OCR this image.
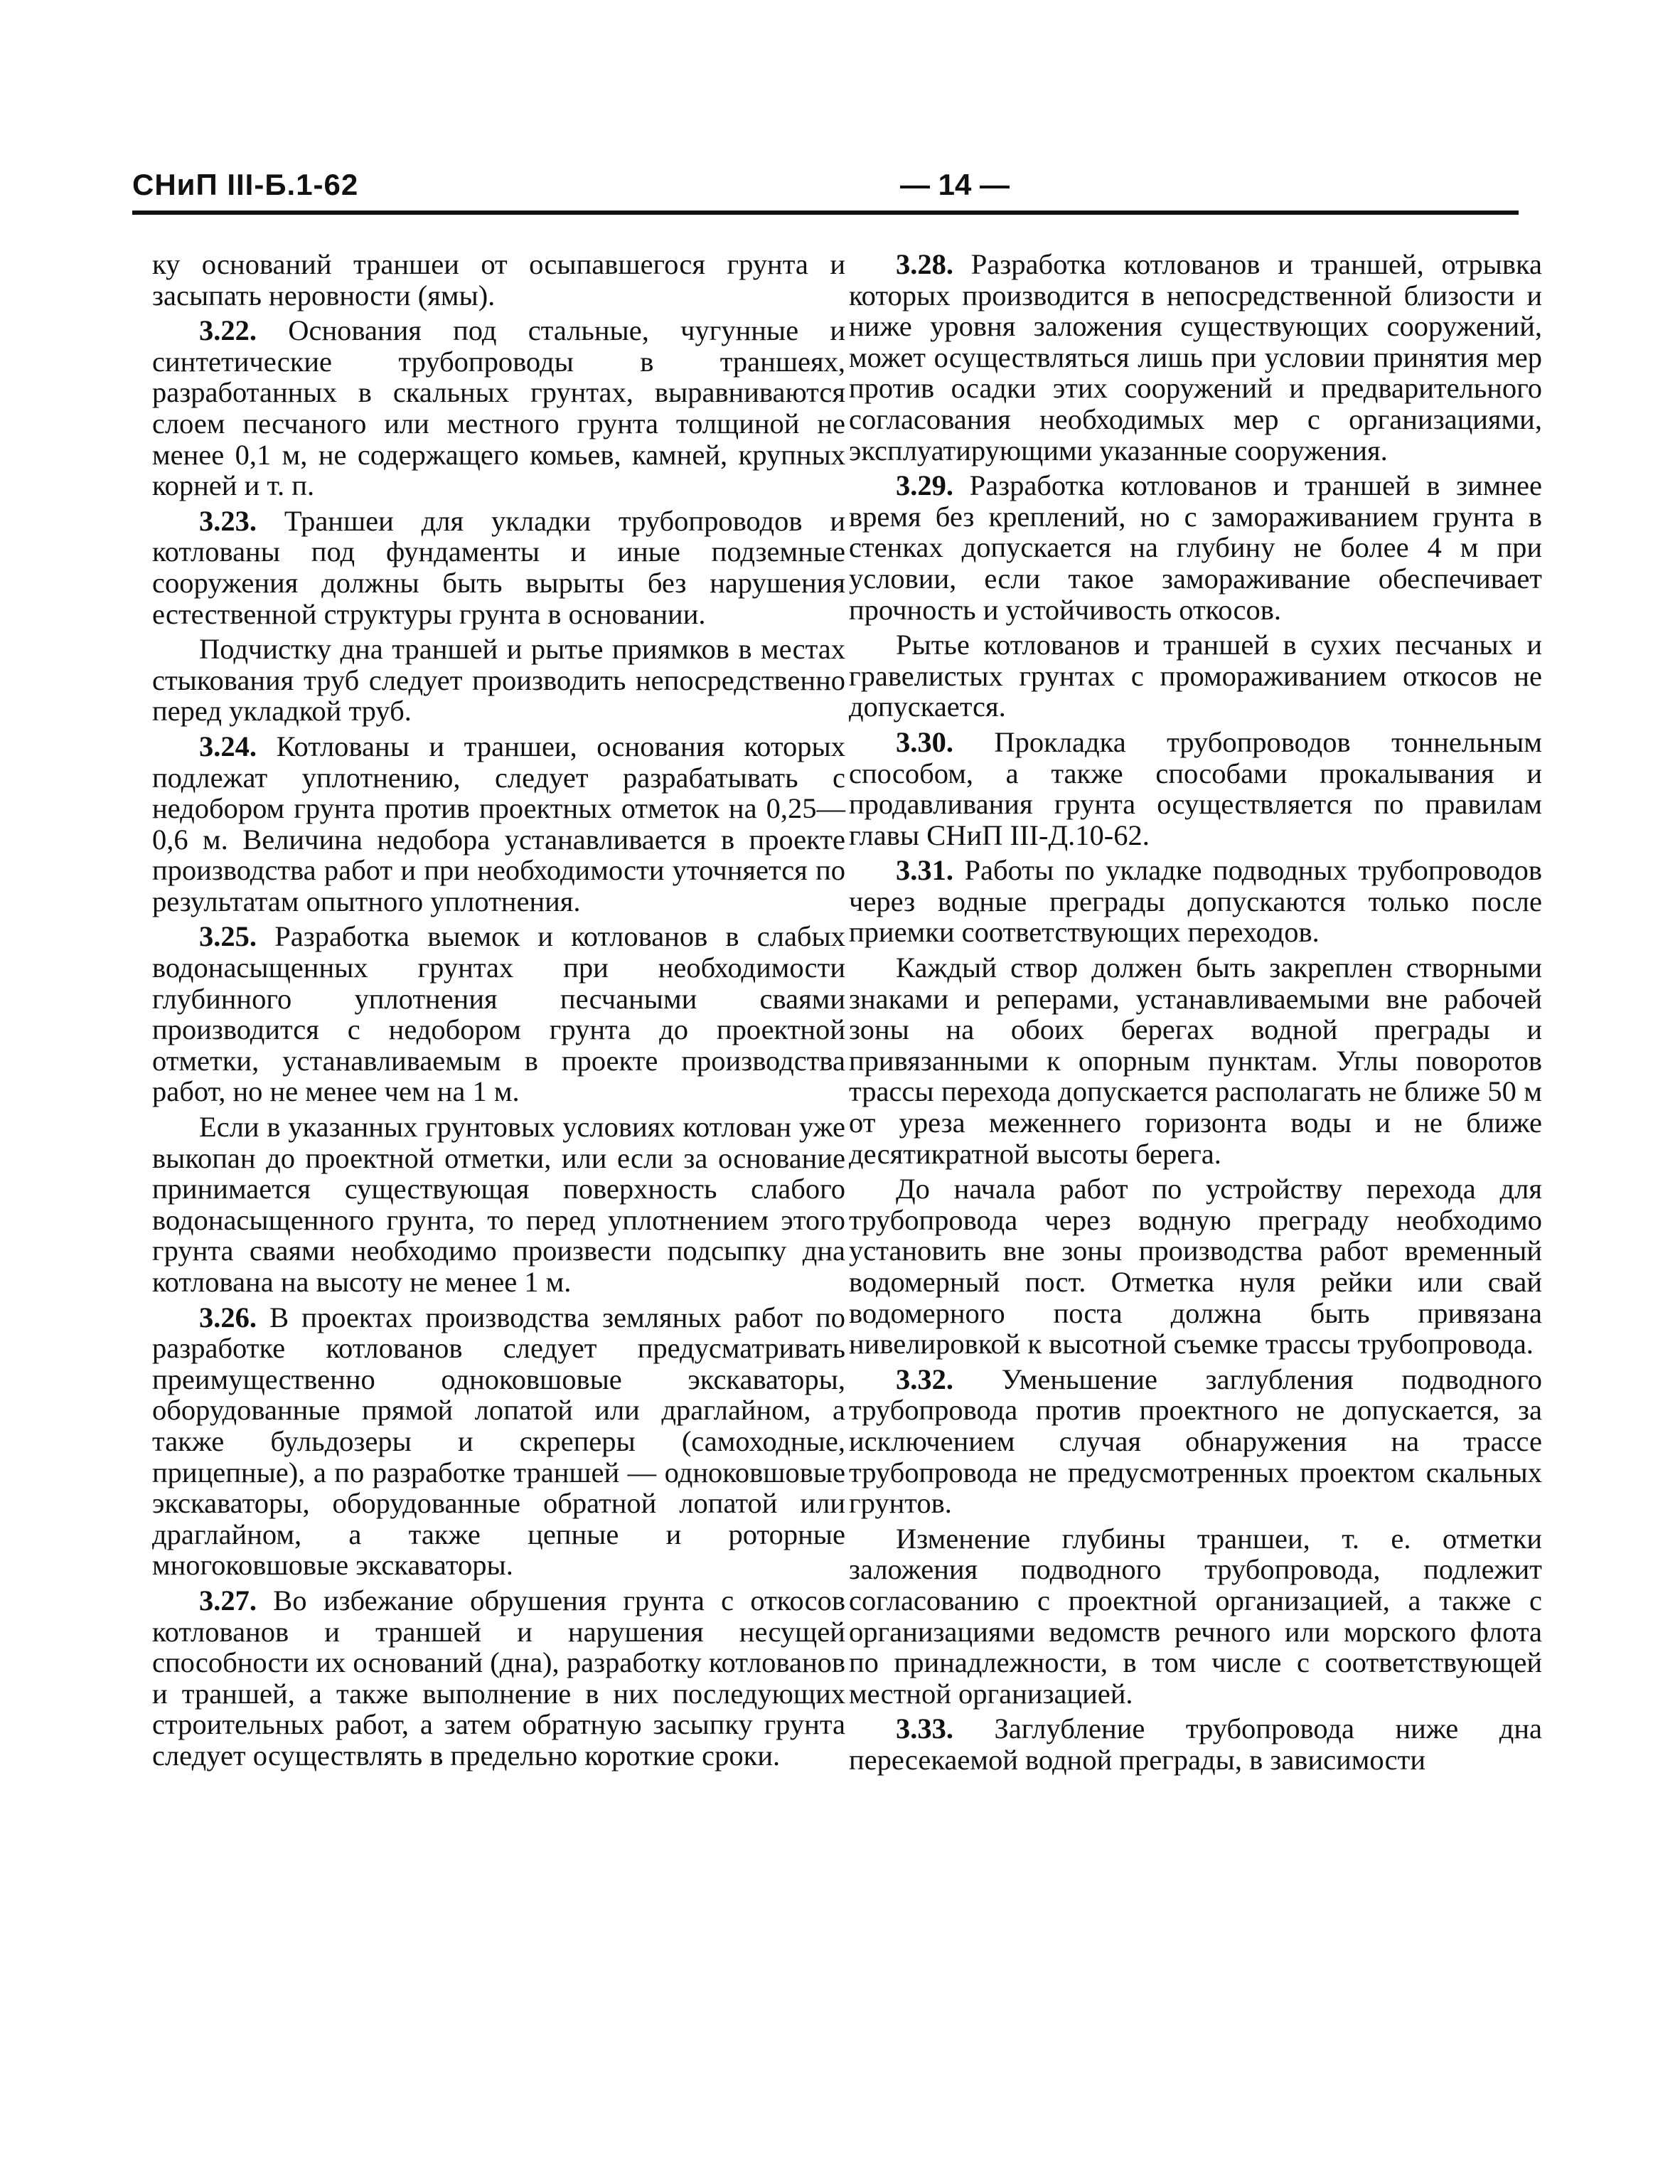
СНиП III-Б.1-62	— 14 —

ку оснований траншеи от осыпавшегося грунта и засыпать неровности (ямы).

3.22. Основания под стальные, чугунные и синтетические трубопроводы в траншеях, разработанных в скальных грунтах, выравниваются слоем песчаного или местного грунта толщиной не менее 0,1 м, не содержащего комьев, камней, крупных корней и т. п.

3.23. Траншеи для укладки трубопроводов и котлованы под фундаменты и иные подземные сооружения должны быть вырыты без нарушения естественной структуры грунта в основании.

Подчистку дна траншей и рытье приямков в местах стыкования труб следует производить непосредственно перед укладкой труб.

3.24. Котлованы и траншеи, основания которых подлежат уплотнению, следует разрабатывать с недобором грунта против проектных отметок на 0,25—0,6 м. Величина недобора устанавливается в проекте производства работ и при необходимости уточняется по результатам опытного уплотнения.

3.25. Разработка выемок и котлованов в слабых водонасыщенных грунтах при необходимости глубинного уплотнения песчаными сваями производится с недобором грунта до проектной отметки, устанавливаемым в проекте производства работ, но не менее чем на 1 м.

Если в указанных грунтовых условиях котлован уже выкопан до проектной отметки, или если за основание принимается существующая поверхность слабого водонасыщенного грунта, то перед уплотнением этого грунта сваями необходимо произвести подсыпку дна котлована на высоту не менее 1 м.

3.26. В проектах производства земляных работ по разработке котлованов следует предусматривать преимущественно одноковшовые экскаваторы, оборудованные прямой лопатой или драглайном, а также бульдозеры и скреперы (самоходные, прицепные), а по разработке траншей — одноковшовые экскаваторы, оборудованные обратной лопатой или драглайном, а также цепные и роторные многоковшовые экскаваторы.

3.27. Во избежание обрушения грунта с откосов котлованов и траншей и нарушения несущей способности их оснований (дна), разработку котлованов и траншей, а также выполнение в них последующих строительных работ, а затем обратную засыпку грунта следует осуществлять в предельно короткие сроки.

3.28. Разработка котлованов и траншей, отрывка которых производится в непосредственной близости и ниже уровня заложения существующих сооружений, может осуществляться лишь при условии принятия мер против осадки этих сооружений и предварительного согласования необходимых мер с организациями, эксплуатирующими указанные сооружения.

3.29. Разработка котлованов и траншей в зимнее время без креплений, но с замораживанием грунта в стенках допускается на глубину не более 4 м при условии, если такое замораживание обеспечивает прочность и устойчивость откосов.

Рытье котлованов и траншей в сухих песчаных и гравелистых грунтах с промораживанием откосов не допускается.

3.30. Прокладка трубопроводов тоннельным способом, а также способами прокалывания и продавливания грунта осуществляется по правилам главы СНиП III-Д.10-62.

3.31. Работы по укладке подводных трубопроводов через водные преграды допускаются только после приемки соответствующих переходов.

Каждый створ должен быть закреплен створными знаками и реперами, устанавливаемыми вне рабочей зоны на обоих берегах водной преграды и привязанными к опорным пунктам. Углы поворотов трассы перехода допускается располагать не ближе 50 м от уреза меженнего горизонта воды и не ближе десятикратной высоты берега.

До начала работ по устройству перехода для трубопровода через водную преграду необходимо установить вне зоны производства работ временный водомерный пост. Отметка нуля рейки или свай водомерного поста должна быть привязана нивелировкой к высотной съемке трассы трубопровода.

3.32. Уменьшение заглубления подводного трубопровода против проектного не допускается, за исключением случая обнаружения на трассе трубопровода не предусмотренных проектом скальных грунтов.

Изменение глубины траншеи, т. е. отметки заложения подводного трубопровода, подлежит согласованию с проектной организацией, а также с организациями ведомств речного или морского флота по принадлежности, в том числе с соответствующей местной организацией.

3.33. Заглубление трубопровода ниже дна пересекаемой водной преграды, в зависимости
